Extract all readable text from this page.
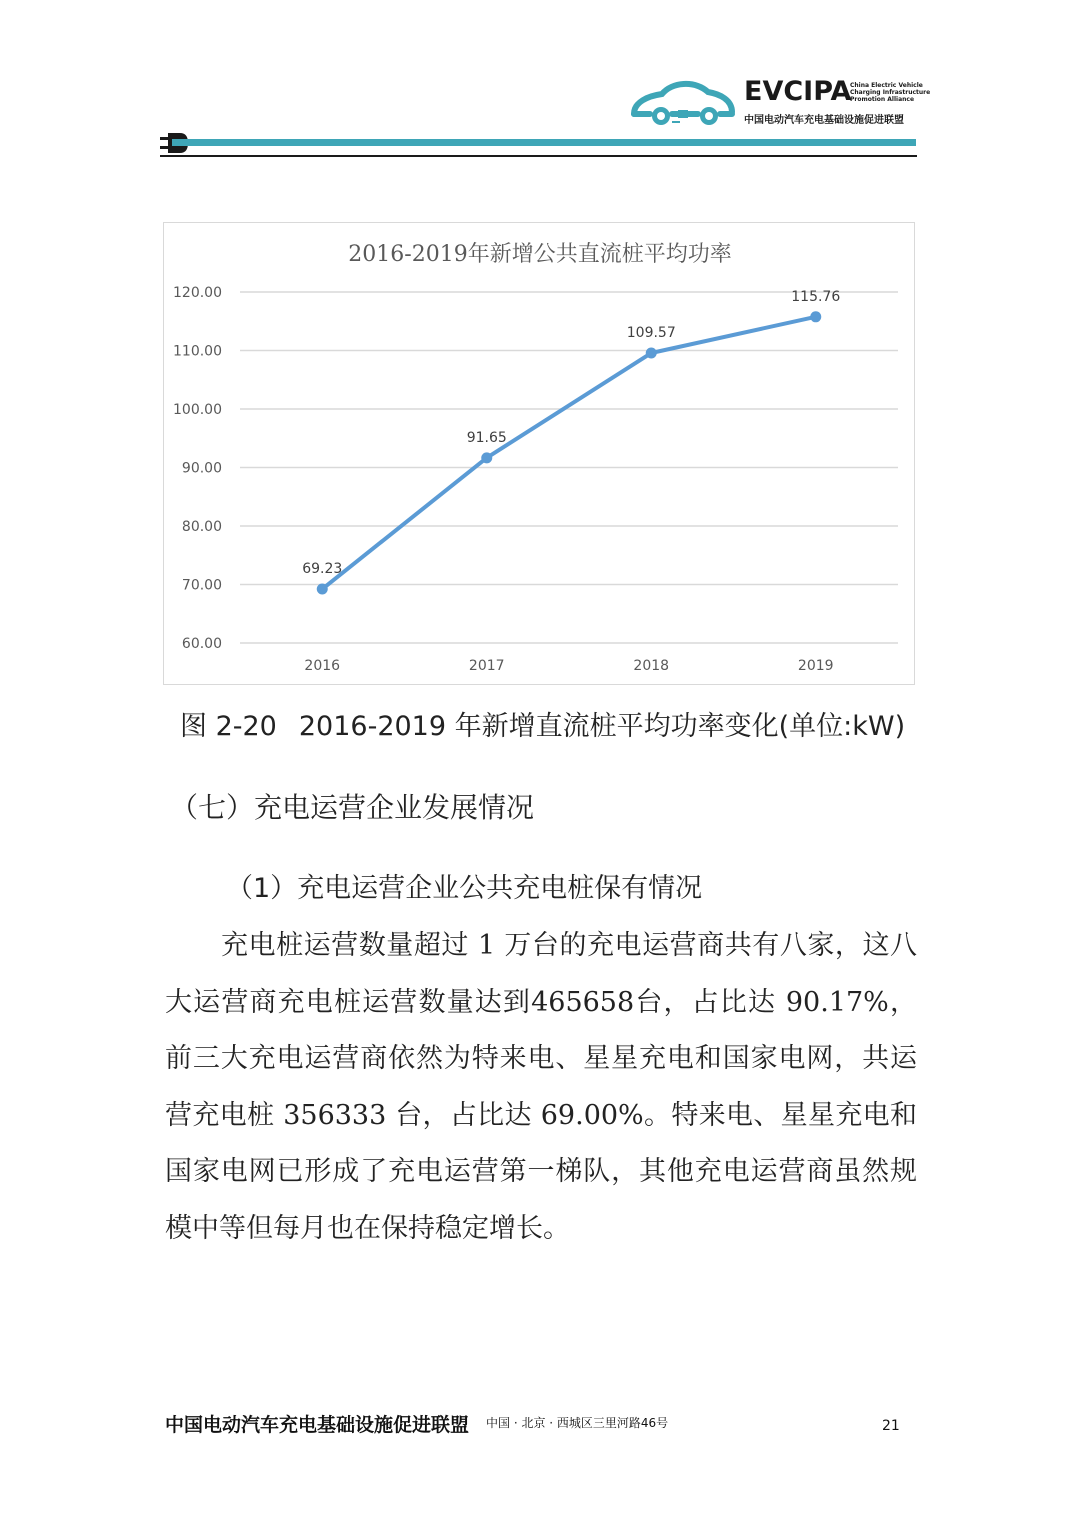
EVCIPA
China Electric Vehicle
Charging Infrastructure
Promotion Alliance
中国电动汽车充电基础设施促进联盟
2016-2019年新增公共直流桩平均功率
60.00
70.00
80.00
90.00
100.00
110.00
120.00
2016	2017	2018	2019
69.23
91.65
109.57
115.76
图 2-20 2016-2019 年新增直流桩平均功率变化(单位:kW)
（七）充电运营企业发展情况
（1）充电运营企业公共充电桩保有情况

充电桩运营数量超过 1 万台的充电运营商共有八家，这八大运营商充电桩运营数量达到465658台，占比达 90.17%，前三大充电运营商依然为特来电、星星充电和国家电网，共运营充电桩 356333 台，占比达 69.00%。特来电、星星充电和国家电网已形成了充电运营第一梯队，其他充电运营商虽然规模中等但每月也在保持稳定增长。

中国电动汽车充电基础设施促进联盟 中国 · 北京 · 西城区三里河路46号	21
